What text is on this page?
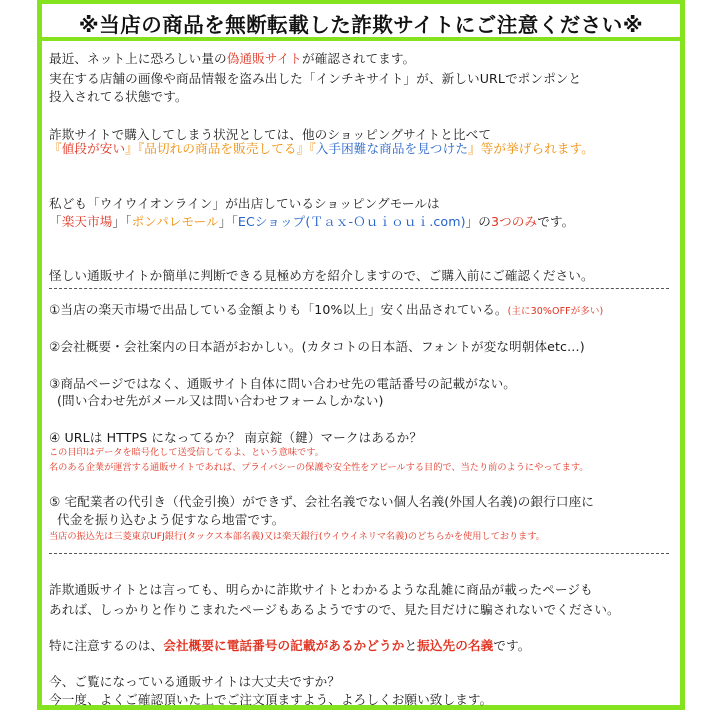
※当店の商品を無断転載した詐欺サイトにご注意ください※
最近、ネット上に恐ろしい量の偽通販サイトが確認されてます。
実在する店舗の画像や商品情報を盗み出した「インチキサイト」が、新しいURLでポンポンと
投入されてる状態です。
詐欺サイトで購入してしまう状況としては、他のショッピングサイトと比べて
『値段が安い』『品切れの商品を販売してる』『入手困難な商品を見つけた』等が挙げられます。
私ども「ウイウイオンライン」が出店しているショッピングモールは
「楽天市場」「ポンパレモール」「ECショップ(Ｔａｘ-Ｏｕｉｏｕｉ.com)」の3つのみです。
怪しい通販サイトか簡単に判断できる見極め方を紹介しますので、ご購入前にご確認ください。
①当店の楽天市場で出品している金額よりも「10%以上」安く出品されている。(主に30%OFFが多い)
②会社概要・会社案内の日本語がおかしい。(カタコトの日本語、フォントが変な明朝体etc…)
③商品ページではなく、通販サイト自体に問い合わせ先の電話番号の記載がない。
(問い合わせ先がメール又は問い合わせフォームしかない)
④ URLは HTTPS になってるか？ 南京錠（鍵）マークはあるか？
この目印はデータを暗号化して送受信してるよ、という意味です。
名のある企業が運営する通販サイトであれば、プライバシーの保護や安全性をアピールする目的で、当たり前のようにやってます。
⑤ 宅配業者の代引き（代金引換）ができず、会社名義でない個人名義(外国人名義)の銀行口座に
代金を振り込むよう促すなら地雷です。
当店の振込先は三菱東京UFJ銀行(タックス本部名義)又は楽天銀行(ウイウイネリマ名義)のどちらかを使用しております。
詐欺通販サイトとは言っても、明らかに詐欺サイトとわかるような乱雑に商品が載ったページも
あれば、しっかりと作りこまれたページもあるようですので、見た目だけに騙されないでください。
特に注意するのは、会社概要に電話番号の記載があるかどうかと振込先の名義です。
今、ご覧になっている通販サイトは大丈夫ですか？
今一度、よくご確認頂いた上でご注文頂ますよう、よろしくお願い致します。
